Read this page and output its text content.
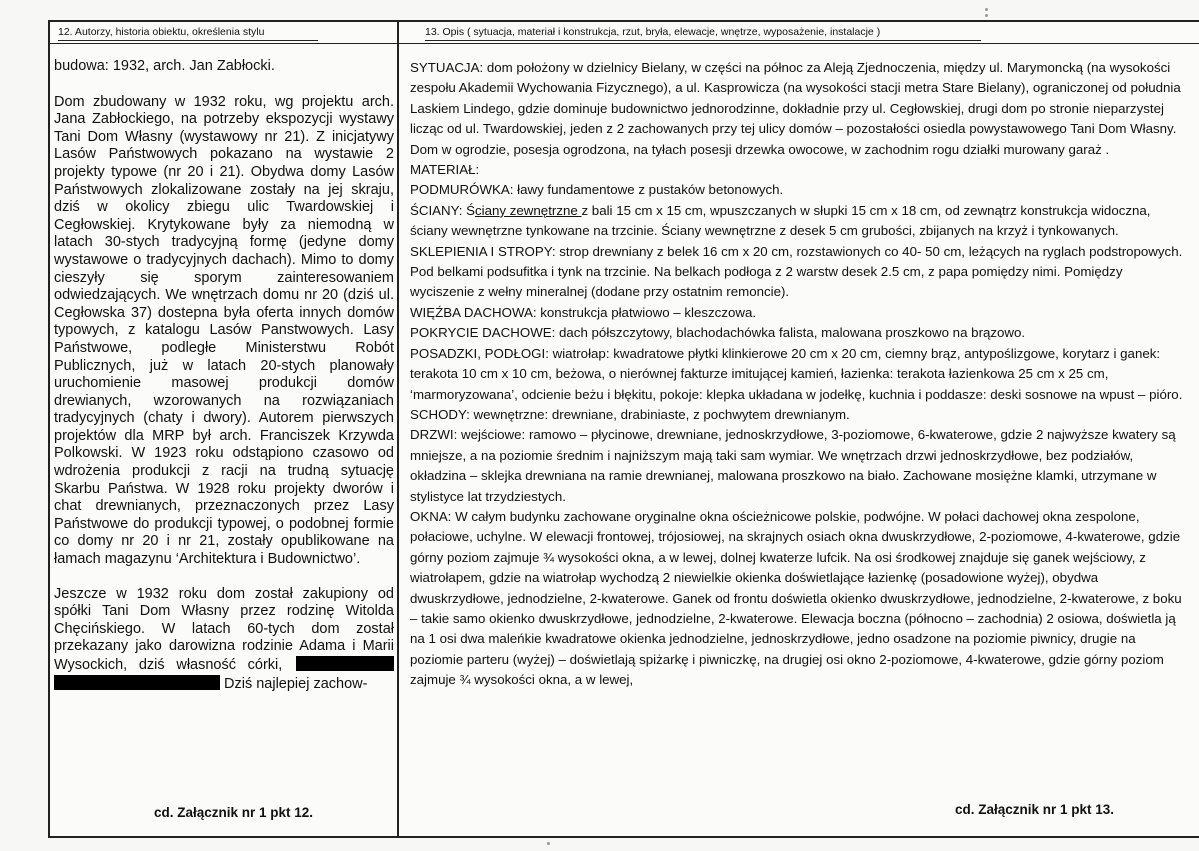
12. Autorzy, historia obiektu, określenia stylu	13. Opis ( sytuacja, materiał i konstrukcja, rzut, bryła, elewacje, wnętrze, wyposażenie, instalacje )

budowa: 1932, arch. Jan Zabłocki.

Dom zbudowany w 1932 roku, wg projektu arch. Jana Zabłockiego, na potrzeby ekspozycji wystawy Tani Dom Własny (wystawowy nr 21). Z inicjatywy Lasów Państwowych pokazano na wystawie 2 projekty typowe (nr 20 i 21). Obydwa domy Lasów Państwowych zlokalizowane zostały na jej skraju, dziś w okolicy zbiegu ulic Twardowskiej i Cegłowskiej. Krytykowane były za niemodną w latach 30-stych tradycyjną formę (jedyne domy wystawowe o tradycyjnych dachach). Mimo to domy cieszyły się sporym zainteresowaniem odwiedzających. We wnętrzach domu nr 20 (dziś ul. Cegłowska 37) dostepna była oferta innych domów typowych, z katalogu Lasów Panstwowych. Lasy Państwowe, podległe Ministerstwu Robót Publicznych, już w latach 20-stych planowały uruchomienie masowej produkcji domów drewianych, wzorowanych na rozwiązaniach tradycyjnych (chaty i dwory). Autorem pierwszych projektów dla MRP był arch. Franciszek Krzywda Polkowski. W 1923 roku odstąpiono czasowo od wdrożenia produkcji z racji na trudną sytuację Skarbu Państwa. W 1928 roku projekty dworów i chat drewnianych, przeznaczonych przez Lasy Państwowe do produkcji typowej, o podobnej formie co domy nr 20 i nr 21, zostały opublikowane na łamach magazynu ‘Architektura i Budownictwo’.

Jeszcze w 1932 roku dom został zakupiony od spółki Tani Dom Własny przez rodzinę Witolda Chęcińskiego. W latach 60-tych dom został przekazany jako darowizna rodzinie Adama i Marii Wysockich, dziś własność córki,  Dziś najlepiej zachow-

cd. Załącznik nr 1 pkt 12.

SYTUACJA: dom położony w dzielnicy Bielany, w części na północ za Aleją Zjednoczenia, między ul. Marymoncką (na wysokości zespołu Akademii Wychowania Fizycznego), a ul. Kasprowicza (na wysokości stacji metra Stare Bielany), ograniczonej od południa Laskiem Lindego, gdzie dominuje budownictwo jednorodzinne, dokładnie przy ul. Cegłowskiej, drugi dom po stronie nieparzystej licząc od ul. Twardowskiej, jeden z 2 zachowanych przy tej ulicy domów – pozostałości osiedla powystawowego Tani Dom Własny. Dom w ogrodzie, posesja ogrodzona, na tyłach posesji drzewka owocowe, w zachodnim rogu działki murowany garaż .

MATERIAŁ:

PODMURÓWKA: ławy fundamentowe z pustaków betonowych.

ŚCIANY: Ściany zewnętrzne z bali 15 cm x 15 cm, wpuszczanych w słupki 15 cm x 18 cm, od zewnątrz konstrukcja widoczna, ściany wewnętrzne tynkowane na trzcinie. Ściany wewnętrzne z desek 5 cm grubości, zbijanych na krzyż i tynkowanych.

SKLEPIENIA I STROPY: strop drewniany z belek 16 cm x 20 cm, rozstawionych co 40- 50 cm, leżących na ryglach podstropowych. Pod belkami podsufitka i tynk na trzcinie. Na belkach podłoga z 2 warstw desek 2.5 cm, z papa pomiędzy nimi. Pomiędzy wyciszenie z wełny mineralnej (dodane przy ostatnim remoncie).

WIĘŹBA DACHOWA: konstrukcja płatwiowo – kleszczowa.

POKRYCIE DACHOWE: dach półszczytowy, blachodachówka falista, malowana proszkowo na brązowo.

POSADZKI, PODŁOGI: wiatrołap: kwadratowe płytki klinkierowe 20 cm x 20 cm, ciemny brąz, antypoślizgowe, korytarz i ganek: terakota 10 cm x 10 cm, beżowa, o nierównej fakturze imitującej kamień, łazienka: terakota łazienkowa 25 cm x 25 cm, ‘marmoryzowana’, odcienie beżu i błękitu, pokoje: klepka układana w jodełkę, kuchnia i poddasze: deski sosnowe na wpust – pióro.

SCHODY: wewnętrzne: drewniane, drabiniaste, z pochwytem drewnianym.

DRZWI: wejściowe: ramowo – płycinowe, drewniane, jednoskrzydłowe, 3-poziomowe, 6-kwaterowe, gdzie 2 najwyższe kwatery są mniejsze, a na poziomie średnim i najniższym mają taki sam wymiar. We wnętrzach drzwi jednoskrzydłowe, bez podziałów, okładzina – sklejka drewniana na ramie drewnianej, malowana proszkowo na biało. Zachowane mosiężne klamki, utrzymane w stylistyce lat trzydziestych.

OKNA: W całym budynku zachowane oryginalne okna ościeżnicowe polskie, podwójne. W połaci dachowej okna zespolone, połaciowe, uchylne. W elewacji frontowej, trójosiowej, na skrajnych osiach okna dwuskrzydłowe, 2-poziomowe, 4-kwaterowe, gdzie górny poziom zajmuje ¾ wysokości okna, a w lewej, dolnej kwaterze lufcik. Na osi środkowej znajduje się ganek wejściowy, z wiatrołapem, gdzie na wiatrołap wychodzą 2 niewielkie okienka doświetlające łazienkę (posadowione wyżej), obydwa dwuskrzydłowe, jednodzielne, 2-kwaterowe. Ganek od frontu doświetla okienko dwuskrzydłowe, jednodzielne, 2-kwaterowe, z boku – takie samo okienko dwuskrzydłowe, jednodzielne, 2-kwaterowe. Elewacja boczna (północno – zachodnia) 2 osiowa, doświetla ją na 1 osi dwa maleńkie kwadratowe okienka jednodzielne, jednoskrzydłowe, jedno osadzone na poziomie piwnicy, drugie na poziomie parteru (wyżej) – doświetlają spiżarkę i piwniczkę, na drugiej osi okno 2-poziomowe, 4-kwaterowe, gdzie górny poziom zajmuje ¾ wysokości okna, a w lewej,

cd. Załącznik nr 1 pkt 13.
